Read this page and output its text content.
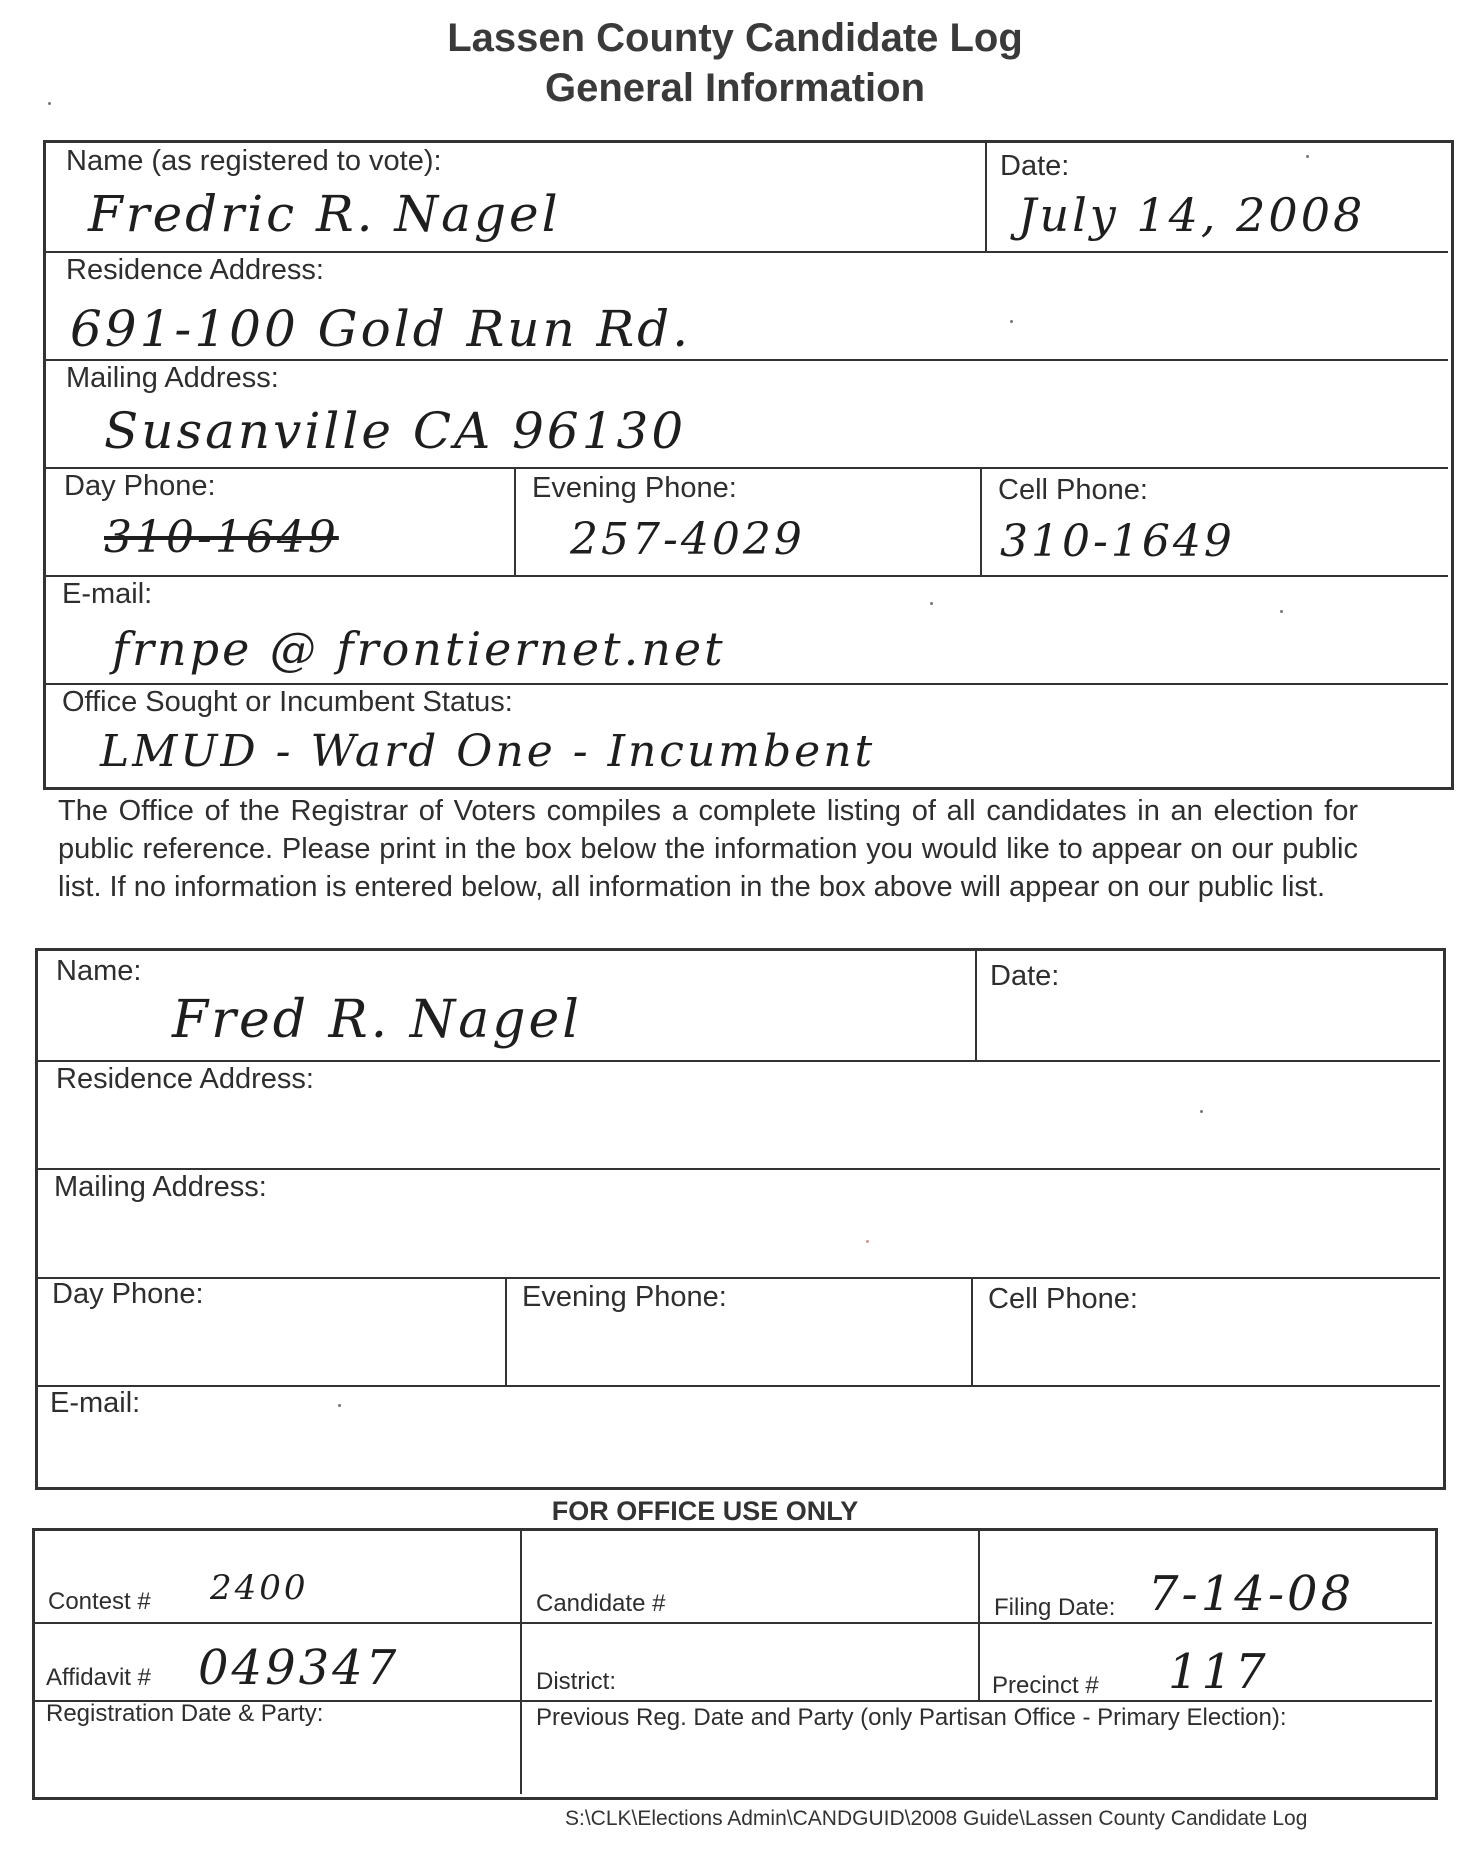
Lassen County Candidate Log
General Information
Name (as registered to vote):
Fredric R. Nagel
Date:
July 14, 2008
Residence Address:
691-100 Gold Run Rd.
Mailing Address:
Susanville CA 96130
Day Phone:
310-1649
Evening Phone:
257-4029
Cell Phone:
310-1649
E-mail:
frnpe @ frontiernet.net
Office Sought or Incumbent Status:
LMUD - Ward One - Incumbent
The Office of the Registrar of Voters compiles a complete listing of all candidates in an election for public reference. Please print in the box below the information you would like to appear on our public list. If no information is entered below, all information in the box above will appear on our public list.
Name:
Fred R. Nagel
Date:
Residence Address:
Mailing Address:
Day Phone:	Evening Phone:	Cell Phone:
E-mail:
FOR OFFICE USE ONLY
Contest # 2400	Candidate #	Filing Date: 7-14-08
Affidavit # 049347	District:	Precinct # 117
Registration Date & Party:	Previous Reg. Date and Party (only Partisan Office - Primary Election):
S:\CLK\Elections Admin\CANDGUID\2008 Guide\Lassen County Candidate Log
